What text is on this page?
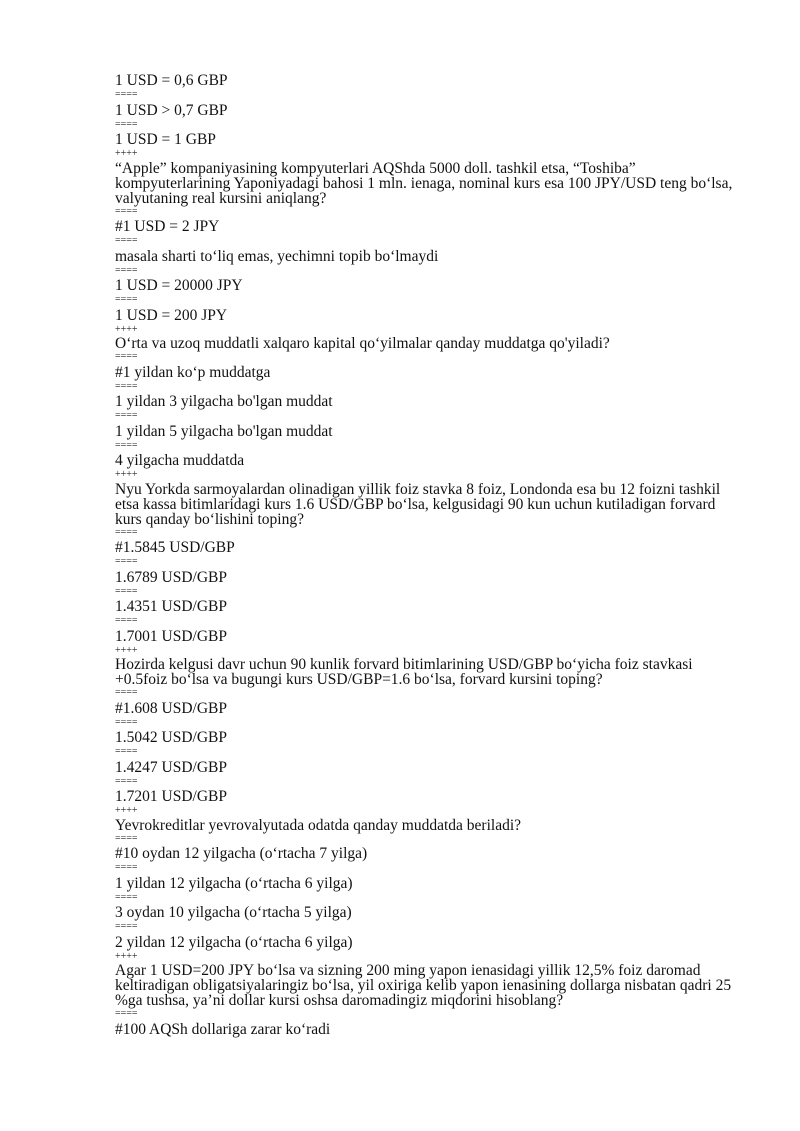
1 USD = 0,6 GBP
====
1 USD > 0,7 GBP
====
1 USD = 1 GBP
++++
“Apple” kompaniyasining kompyuterlari AQShda 5000 doll. tashkil etsa, “Toshiba” kompyuterlarining Yaponiyadagi bahosi 1 mln. ienaga, nominal kurs esa 100 JPY/USD teng bo‘lsa, valyutaning real kursini aniqlang?
====
#1 USD = 2 JPY
====
masala sharti to‘liq emas, yechimni topib bo‘lmaydi
====
1 USD = 20000 JPY
====
1 USD = 200 JPY
++++
O‘rta va uzoq muddatli xalqaro kapital qo‘yilmalar qanday muddatga qo'yiladi?
====
#1 yildan ko‘p muddatga
====
1 yildan 3 yilgacha bo'lgan muddat
====
1 yildan 5 yilgacha bo'lgan muddat
====
4 yilgacha muddatda
++++
Nyu Yorkda sarmoyalardan olinadigan yillik foiz stavka 8 foiz, Londonda esa bu 12 foizni tashkil etsa kassa bitimlaridagi kurs 1.6 USD/GBP bo‘lsa, kelgusidagi 90 kun uchun kutiladigan forvard kurs qanday bo‘lishini toping?
====
#1.5845 USD/GBP
====
1.6789 USD/GBP
====
1.4351 USD/GBP
====
1.7001 USD/GBP
++++
Hozirda kelgusi davr uchun 90 kunlik forvard bitimlarining USD/GBP bo‘yicha foiz stavkasi +0.5foiz bo‘lsa va bugungi kurs USD/GBP=1.6 bo‘lsa, forvard kursini toping?
====
#1.608 USD/GBP
====
1.5042 USD/GBP
====
1.4247 USD/GBP
====
1.7201 USD/GBP
++++
Yevrokreditlar yevrovalyutada odatda qanday muddatda beriladi?
====
#10 oydan 12 yilgacha (o‘rtacha 7 yilga)
====
1 yildan 12 yilgacha (o‘rtacha 6 yilga)
====
3 oydan 10 yilgacha (o‘rtacha 5 yilga)
====
2 yildan 12 yilgacha (o‘rtacha 6 yilga)
++++
Agar 1 USD=200 JPY bo‘lsa va sizning 200 ming yapon ienasidagi yillik 12,5% foiz daromad keltiradigan obligatsiyalaringiz bo‘lsa, yil oxiriga kelib yapon ienasining dollarga nisbatan qadri 25 %ga tushsa, ya’ni dollar kursi oshsa daromadingiz miqdorini hisoblang?
====
#100 AQSh dollariga zarar ko‘radi
